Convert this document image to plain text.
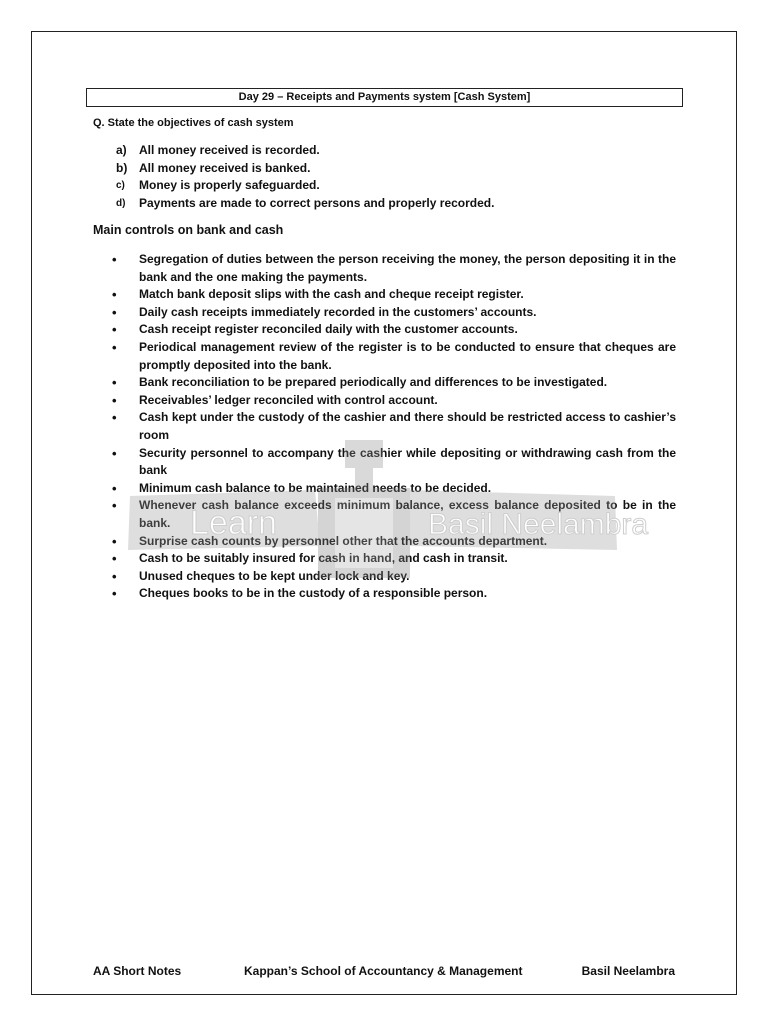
Day 29 – Receipts and Payments system [Cash System]
Q. State the objectives of cash system
a)	All money received is recorded.
b) All money received is banked.
c)	Money is properly safeguarded.
d)	Payments are made to correct persons and properly recorded.
Main controls on bank and cash
• Segregation of duties between the person receiving the money, the person depositing it in the bank and the one making the payments.
• Match bank deposit slips with the cash and cheque receipt register.
• Daily cash receipts immediately recorded in the customers’ accounts.
• Cash receipt register reconciled daily with the customer accounts.
• Periodical management review of the register is to be conducted to ensure that cheques are promptly deposited into the bank.
• Bank reconciliation to be prepared periodically and differences to be investigated.
• Receivables’ ledger reconciled with control account.
• Cash kept under the custody of the cashier and there should be restricted access to cashier’s room
• Security personnel to accompany the cashier while depositing or withdrawing cash from the bank
• Minimum cash balance to be maintained needs to be decided.
• Whenever cash balance exceeds minimum balance, excess balance deposited to be in the bank.
• Surprise cash counts by personnel other that the accounts department.
• Cash to be suitably insured for cash in hand, and cash in transit.
• Unused cheques to be kept under lock and key.
• Cheques books to be in the custody of a responsible person.
Learn	Basil Neelambra
AA Short Notes	Kappan’s School of Accountancy & Management	Basil Neelambra
